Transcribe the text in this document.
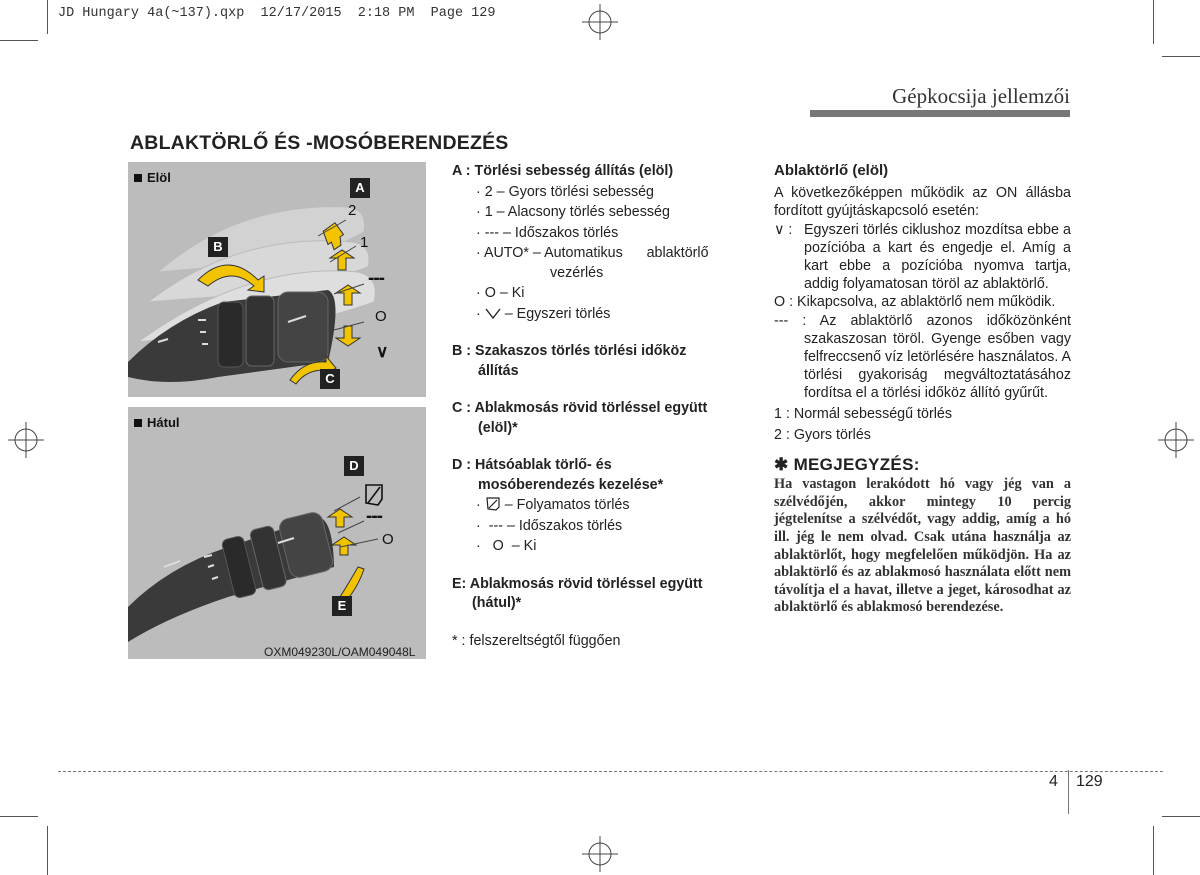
JD Hungary 4a(~137).qxp  12/17/2015  2:18 PM  Page 129
Gépkocsija jellemzői
ABLAKTÖRLŐ ÉS -MOSÓBERENDEZÉS
Elöl
A
B
C
2
1
---
O
∨
Hátul
D
E
---
O
OXM049230L/OAM049048L
A : Törlési sebesség állítás (elöl)
· 2 – Gyors törlési sebesség
· 1 – Alacsony törlés sebesség
· --- – Időszakos törlés
· AUTO* – Automatikus      ablaktörlő
vezérlés
· O – Ki
· – Egyszeri törlés
B : Szakaszos törlés törlési időköz
állítás
C : Ablakmosás rövid törléssel együtt
(elöl)*
D : Hátsóablak törlő- és
mosóberendezés kezelése*
· – Folyamatos törlés
·  --- – Időszakos törlés
·   O  – Ki
E: Ablakmosás rövid törléssel együtt
(hátul)*
* : felszereltségtől függően
Ablaktörlő (elöl)
A következőképpen működik az ON állásba fordított gyújtáskapcsoló esetén:
∨ : Egyszeri törlés ciklushoz mozdítsa ebbe a pozícióba a kart és engedje el. Amíg a kart ebbe a pozícióba nyomva tartja, addig folyamatosan töröl az ablaktörlő.
O : Kikapcsolva, az ablaktörlő nem működik.
--- : Az ablaktörlő azonos időközönként szakaszosan töröl. Gyenge esőben vagy felfreccsenő víz letörlésére használatos. A törlési gyakoriság megváltoztatásához fordítsa el a törlési időköz állító gyűrűt.
1 : Normál sebességű törlés
2 : Gyors törlés
✱ MEGJEGYZÉS:
Ha vastagon lerakódott hó vagy jég van a szélvédőjén, akkor mintegy 10 percig jégtelenítse a szélvédőt, vagy addig, amíg a hó ill. jég le nem olvad. Csak utána használja az ablaktörlőt, hogy megfelelően működjön. Ha az ablaktörlő és az ablakmosó használata előtt nem távolítja el a havat, illetve a jeget, károsodhat az ablaktörlő és ablakmosó berendezése.
4 129
